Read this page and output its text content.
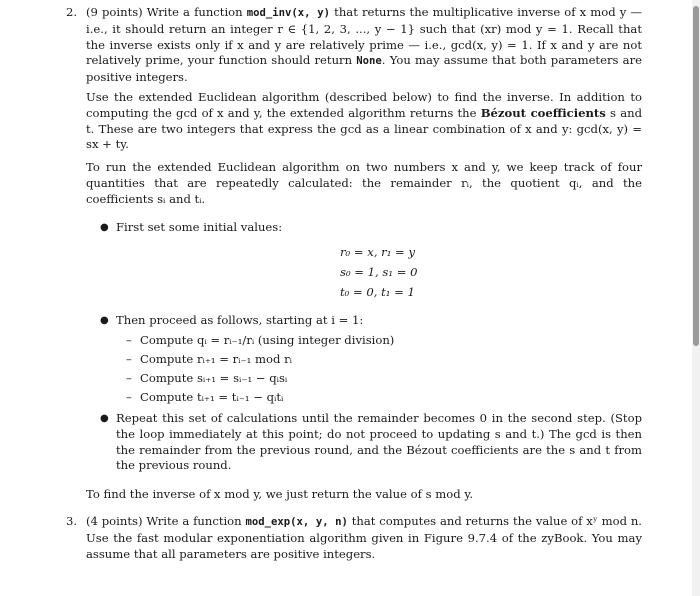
2. (9 points) Write a function mod_inv(x, y) that returns the multiplicative inverse of x mod y — i.e., it should return an integer r ∈ {1, 2, 3, ..., y − 1} such that (xr) mod y = 1. Recall that the inverse exists only if x and y are relatively prime — i.e., gcd(x, y) = 1. If x and y are not relatively prime, your function should return None. You may assume that both parameters are positive integers.

Use the extended Euclidean algorithm (described below) to find the inverse. In addition to computing the gcd of x and y, the extended algorithm returns the Bézout coefficients s and t. These are two integers that express the gcd as a linear combination of x and y: gcd(x, y) = sx + ty.

To run the extended Euclidean algorithm on two numbers x and y, we keep track of four quantities that are repeatedly calculated: the remainder rᵢ, the quotient qᵢ, and the coefficients sᵢ and tᵢ.

● First set some initial values:

r₀ = x, r₁ = y
s₀ = 1, s₁ = 0
t₀ = 0, t₁ = 1
● Then proceed as follows, starting at i = 1:

– Compute qᵢ = rᵢ₋₁/rᵢ (using integer division)
– Compute rᵢ₊₁ = rᵢ₋₁ mod rᵢ
– Compute sᵢ₊₁ = sᵢ₋₁ − qᵢsᵢ
– Compute tᵢ₊₁ = tᵢ₋₁ − qᵢtᵢ
● Repeat this set of calculations until the remainder becomes 0 in the second step. (Stop the loop immediately at this point; do not proceed to updating s and t.) The gcd is then the remainder from the previous round, and the Bézout coefficients are the s and t from the previous round.

To find the inverse of x mod y, we just return the value of s mod y.

3. (4 points) Write a function mod_exp(x, y, n) that computes and returns the value of xʸ mod n. Use the fast modular exponentiation algorithm given in Figure 9.7.4 of the zyBook. You may assume that all parameters are positive integers.
